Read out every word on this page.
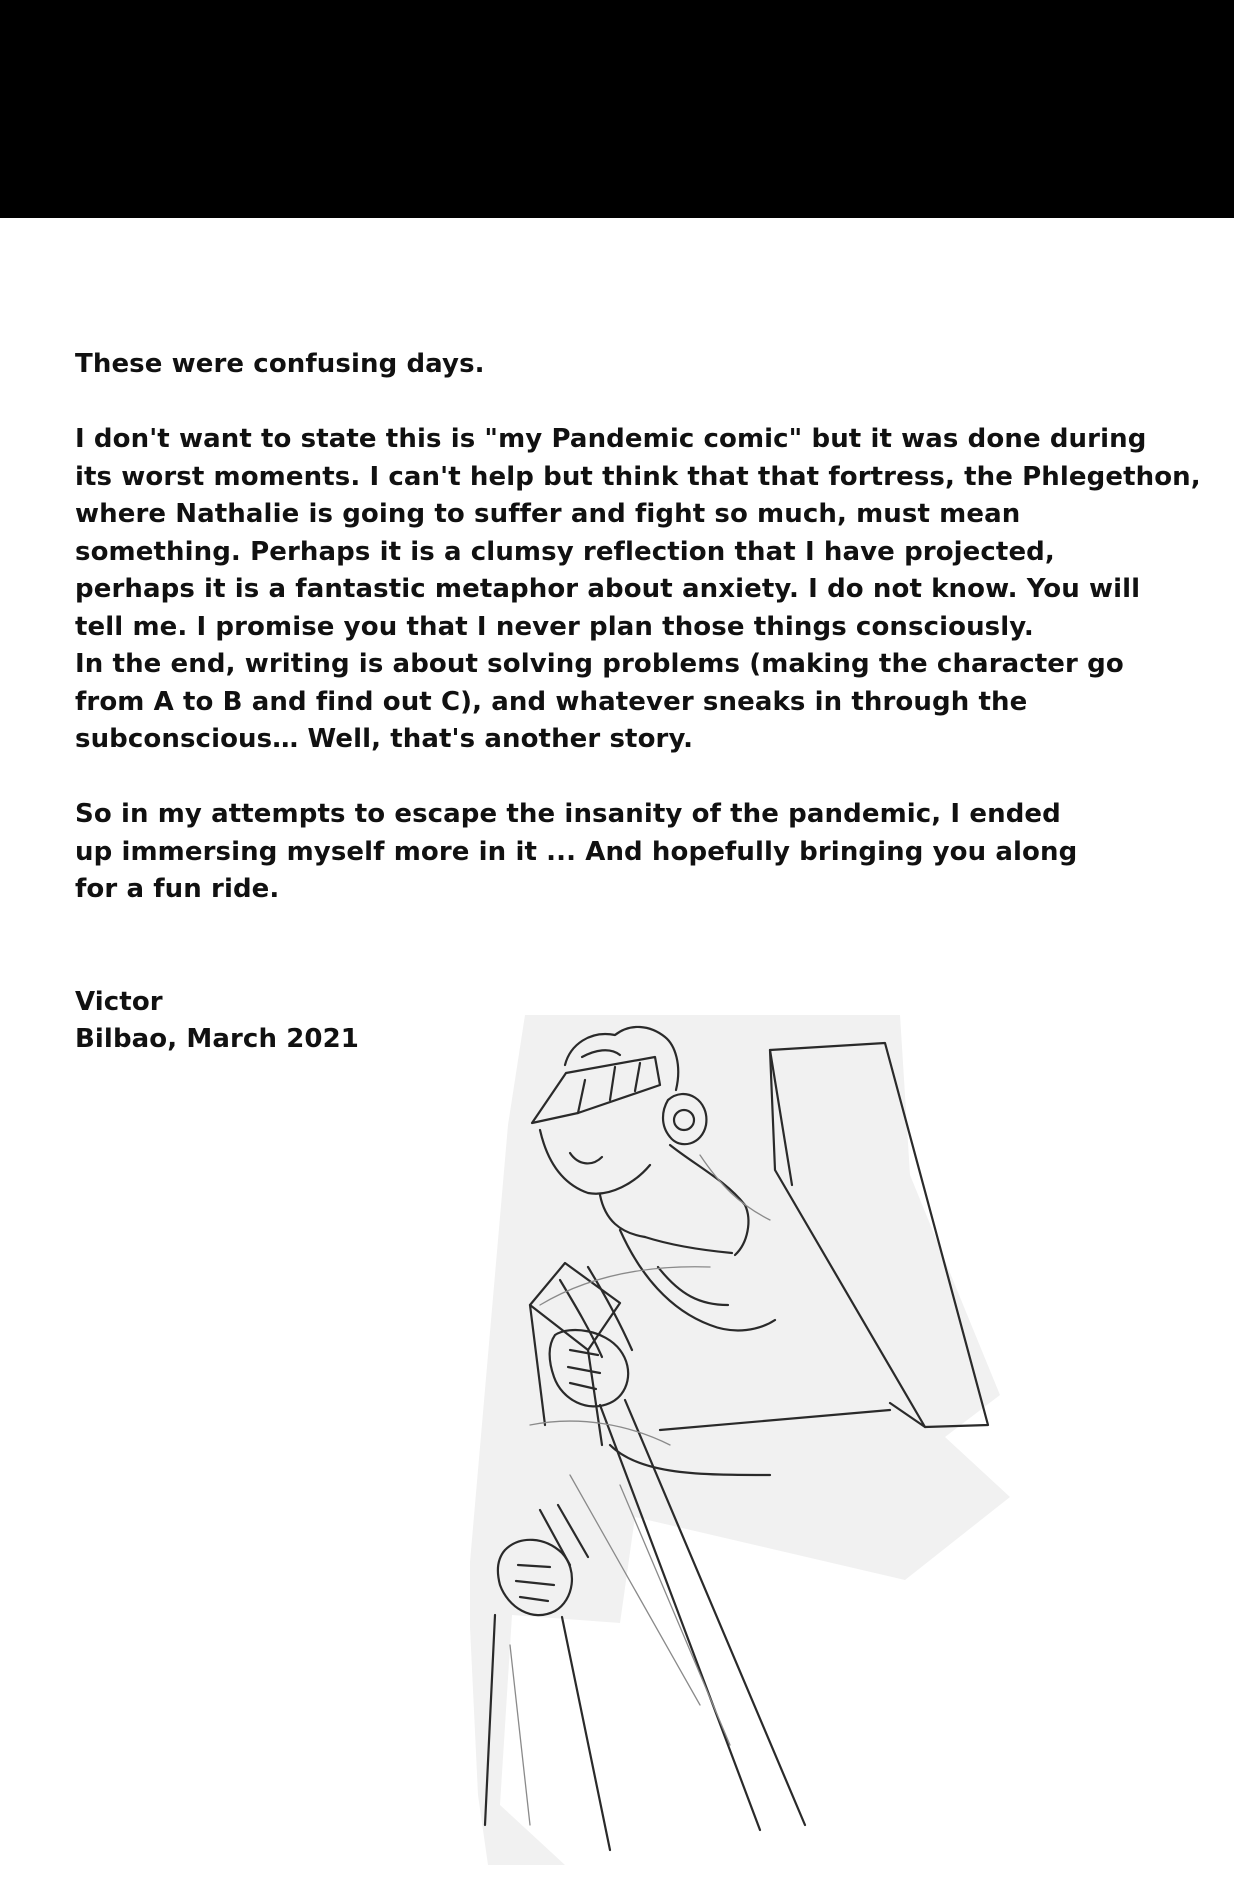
These were confusing days.
I don't want to state this is "my Pandemic comic" but it was done during
its worst moments. I can't help but think that that fortress, the Phlegethon,
where Nathalie is going to suffer and fight so much, must mean
something. Perhaps it is a clumsy reflection that I have projected,
perhaps it is a fantastic metaphor about anxiety. I do not know. You will
tell me. I promise you that I never plan those things consciously.
In the end, writing is about solving problems (making the character go
from A to B and find out C), and whatever sneaks in through the
subconscious… Well, that's another story.
So in my attempts to escape the insanity of the pandemic, I ended
up immersing myself more in it ... And hopefully bringing you along
for a fun ride.
Victor
Bilbao, March 2021
